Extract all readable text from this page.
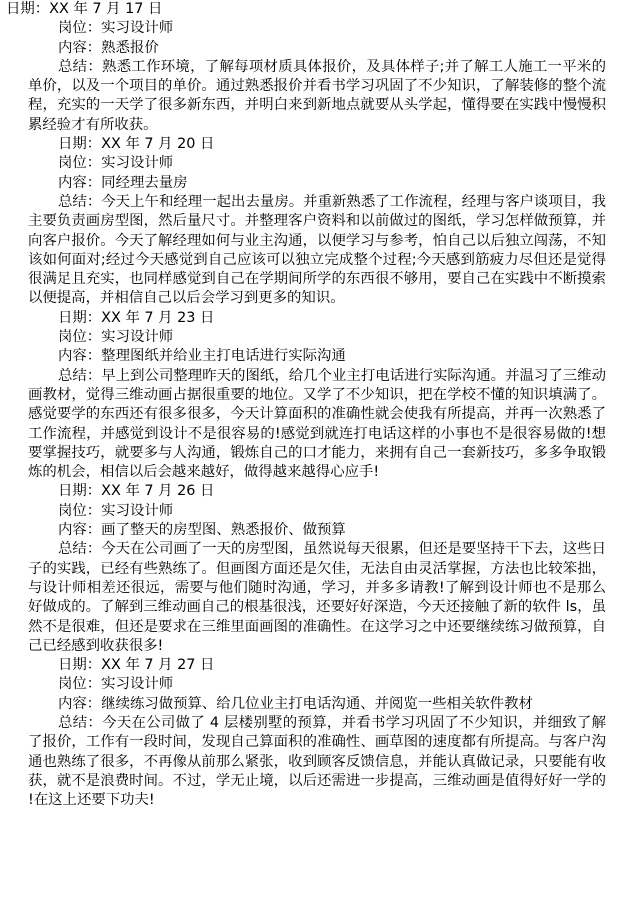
日期：XX 年 7 月 17 日
岗位：实习设计师
内容：熟悉报价

总结：熟悉工作环境，了解每项材质具体报价，及具体样子;并了解工人施工一平米的单价，以及一个项目的单价。通过熟悉报价并看书学习巩固了不少知识，了解装修的整个流程，充实的一天学了很多新东西，并明白来到新地点就要从头学起，懂得要在实践中慢慢积累经验才有所收获。

日期：XX 年 7 月 20 日
岗位：实习设计师
内容：同经理去量房

总结：今天上午和经理一起出去量房。并重新熟悉了工作流程，经理与客户谈项目，我主要负责画房型图，然后量尺寸。并整理客户资料和以前做过的图纸，学习怎样做预算，并向客户报价。今天了解经理如何与业主沟通，以便学习与参考，怕自己以后独立闯荡，不知该如何面对;经过今天感觉到自己应该可以独立完成整个过程;今天感到筋疲力尽但还是觉得很满足且充实，也同样感觉到自己在学期间所学的东西很不够用，要自己在实践中不断摸索以便提高，并相信自己以后会学习到更多的知识。

日期：XX 年 7 月 23 日
岗位：实习设计师
内容：整理图纸并给业主打电话进行实际沟通

总结：早上到公司整理昨天的图纸，给几个业主打电话进行实际沟通。并温习了三维动画教材，觉得三维动画占据很重要的地位。又学了不少知识，把在学校不懂的知识填满了。感觉要学的东西还有很多很多，今天计算面积的准确性就会使我有所提高，并再一次熟悉了工作流程，并感觉到设计不是很容易的!感觉到就连打电话这样的小事也不是很容易做的!想要掌握技巧，就要多与人沟通，锻炼自己的口才能力，来拥有自己一套新技巧，多多争取锻炼的机会，相信以后会越来越好，做得越来越得心应手!

日期：XX 年 7 月 26 日
岗位：实习设计师
内容：画了整天的房型图、熟悉报价、做预算

总结：今天在公司画了一天的房型图，虽然说每天很累，但还是要坚持干下去，这些日子的实践，已经有些熟练了。但画图方面还是欠佳，无法自由灵活掌握，方法也比较笨拙，与设计师相差还很远，需要与他们随时沟通，学习，并多多请教!了解到设计师也不是那么好做成的。了解到三维动画自己的根基很浅，还要好好深造，今天还接触了新的软件 ls，虽然不是很难，但还是要求在三维里面画图的准确性。在这学习之中还要继续练习做预算，自己已经感到收获很多!

日期：XX 年 7 月 27 日
岗位：实习设计师
内容：继续练习做预算、给几位业主打电话沟通、并阅览一些相关软件教材

总结：今天在公司做了 4 层楼别墅的预算，并看书学习巩固了不少知识，并细致了解了报价，工作有一段时间，发现自己算面积的准确性、画草图的速度都有所提高。与客户沟通也熟练了很多，不再像从前那么紧张，收到顾客反馈信息，并能认真做记录，只要能有收获，就不是浪费时间。不过，学无止境，以后还需进一步提高，三维动画是值得好好一学的!在这上还要下功夫!
